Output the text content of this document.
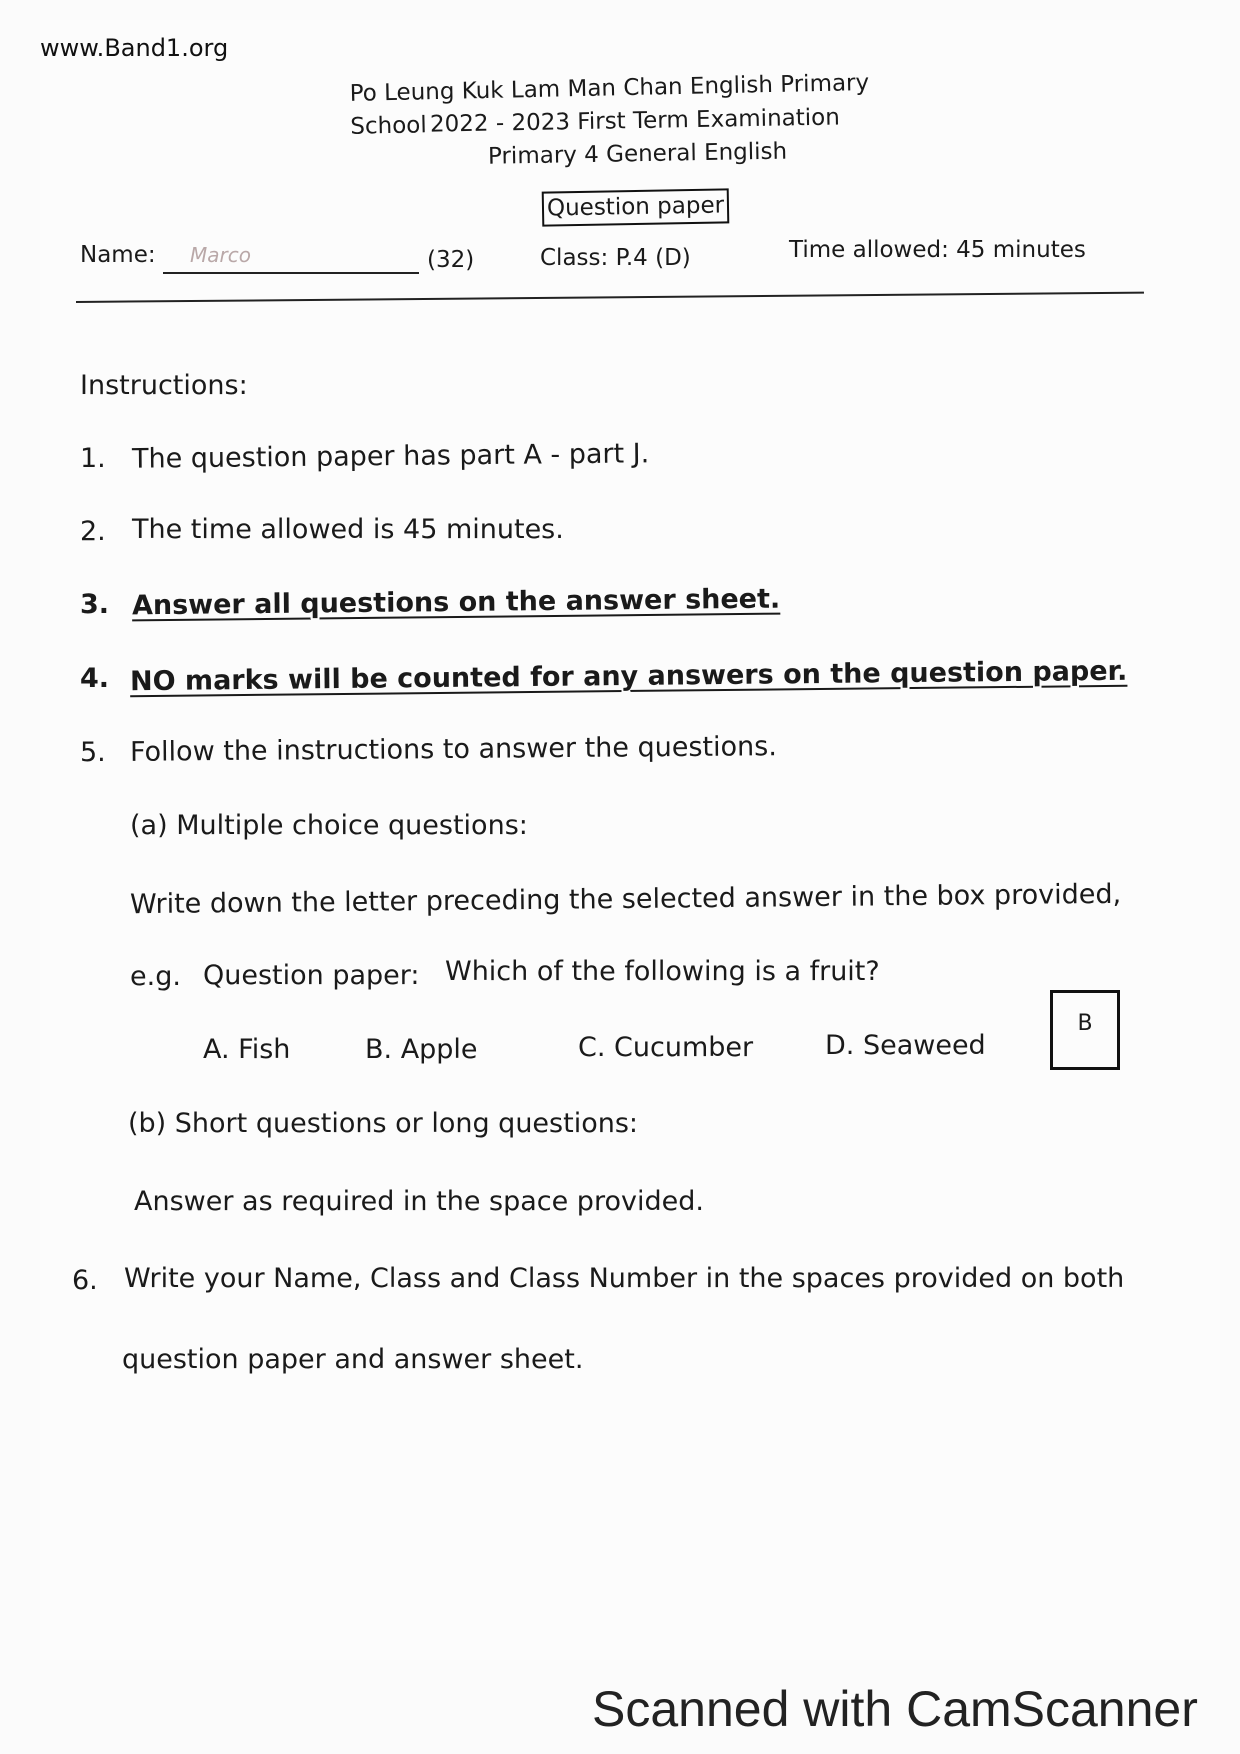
www.Band1.org
Po Leung Kuk Lam Man Chan English Primary School 2022 - 2023 First Term Examination
Primary 4 General English
Question paper
Name: Marco	(32)	Class: P.4 (D)	Time allowed: 45 minutes
Instructions:
1. The question paper has part A - part J.
2. The time allowed is 45 minutes.
3. Answer all questions on the answer sheet.
4. NO marks will be counted for any answers on the question paper.
5. Follow the instructions to answer the questions.
(a) Multiple choice questions:
Write down the letter preceding the selected answer in the box provided,
e.g. Question paper: Which of the following is a fruit?
A. Fish	B. Apple	C. Cucumber	D. Seaweed
B
(b) Short questions or long questions:
Answer as required in the space provided.
6. Write your Name, Class and Class Number in the spaces provided on both
question paper and answer sheet.
Scanned with CamScanner
